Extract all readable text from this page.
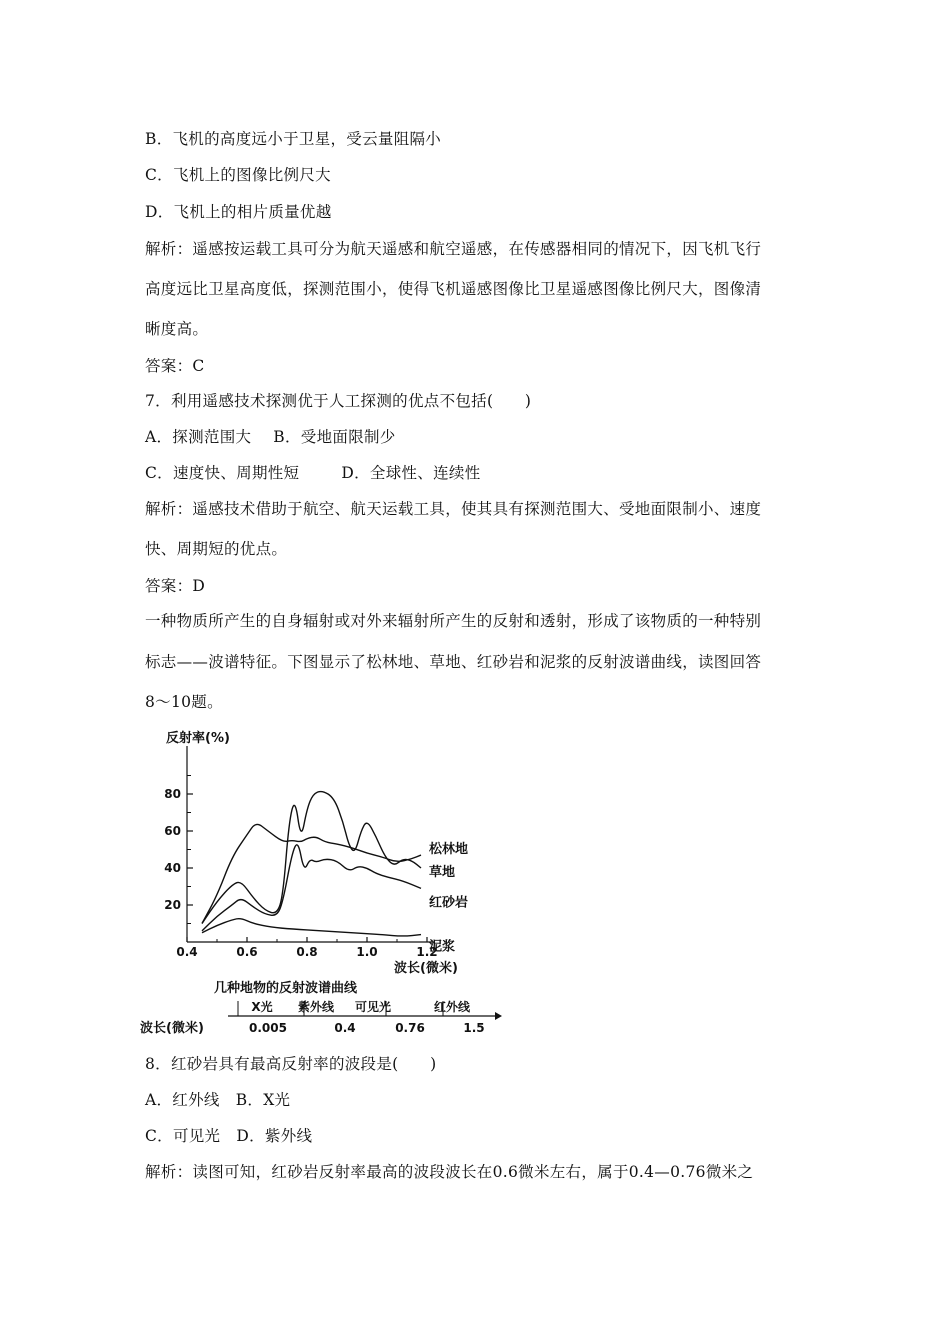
B．飞机的高度远小于卫星，受云量阻隔小
C．飞机上的图像比例尺大
D．飞机上的相片质量优越
解析：遥感按运载工具可分为航天遥感和航空遥感，在传感器相同的情况下，因飞机飞行
高度远比卫星高度低，探测范围小，使得飞机遥感图像比卫星遥感图像比例尺大，图像清
晰度高。
答案：C
7．利用遥感技术探测优于人工探测的优点不包括(　　)
A．探测范围大 B．受地面限制少
C．速度快、周期性短	D．全球性、连续性
解析：遥感技术借助于航空、航天运载工具，使其具有探测范围大、受地面限制小、速度
快、周期短的优点。
答案：D
一种物质所产生的自身辐射或对外来辐射所产生的反射和透射，形成了该物质的一种特别
标志——波谱特征。下图显示了松林地、草地、红砂岩和泥浆的反射波谱曲线，读图回答
8～10题。
反射率(%)
20
40
60
80
0.4	0.6	0.8	1.0	1.2
松林地
草地
红砂岩
泥浆
波长(微米)
几种地物的反射波谱曲线
波长(微米)	0.005	0.4	0.76	1.5
X光 紫外线 可见光	红外线
8．红砂岩具有最高反射率的波段是(　　)
A．红外线 B．X光
C．可见光 D．紫外线
解析：读图可知，红砂岩反射率最高的波段波长在0.6微米左右，属于0.4—0.76微米之
